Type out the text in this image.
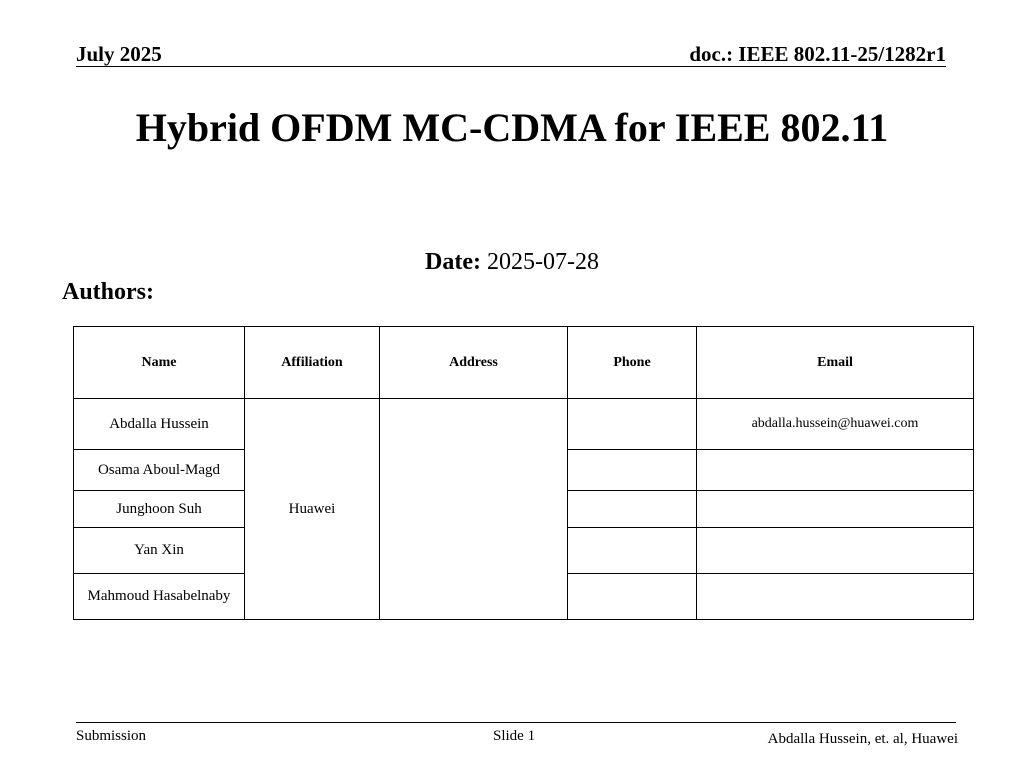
July 2025	doc.: IEEE 802.11-25/1282r1
Hybrid OFDM MC-CDMA for IEEE 802.11
Date: 2025-07-28
Authors:
Name	Affiliation	Address	Phone	Email
Abdalla Hussein	Huawei			abdalla.hussein@huawei.com
Osama Aboul-Magd				
Junghoon Suh				
Yan Xin				
Mahmoud Hasabelnaby				
Submission	Slide 1	Abdalla Hussein, et. al, Huawei
